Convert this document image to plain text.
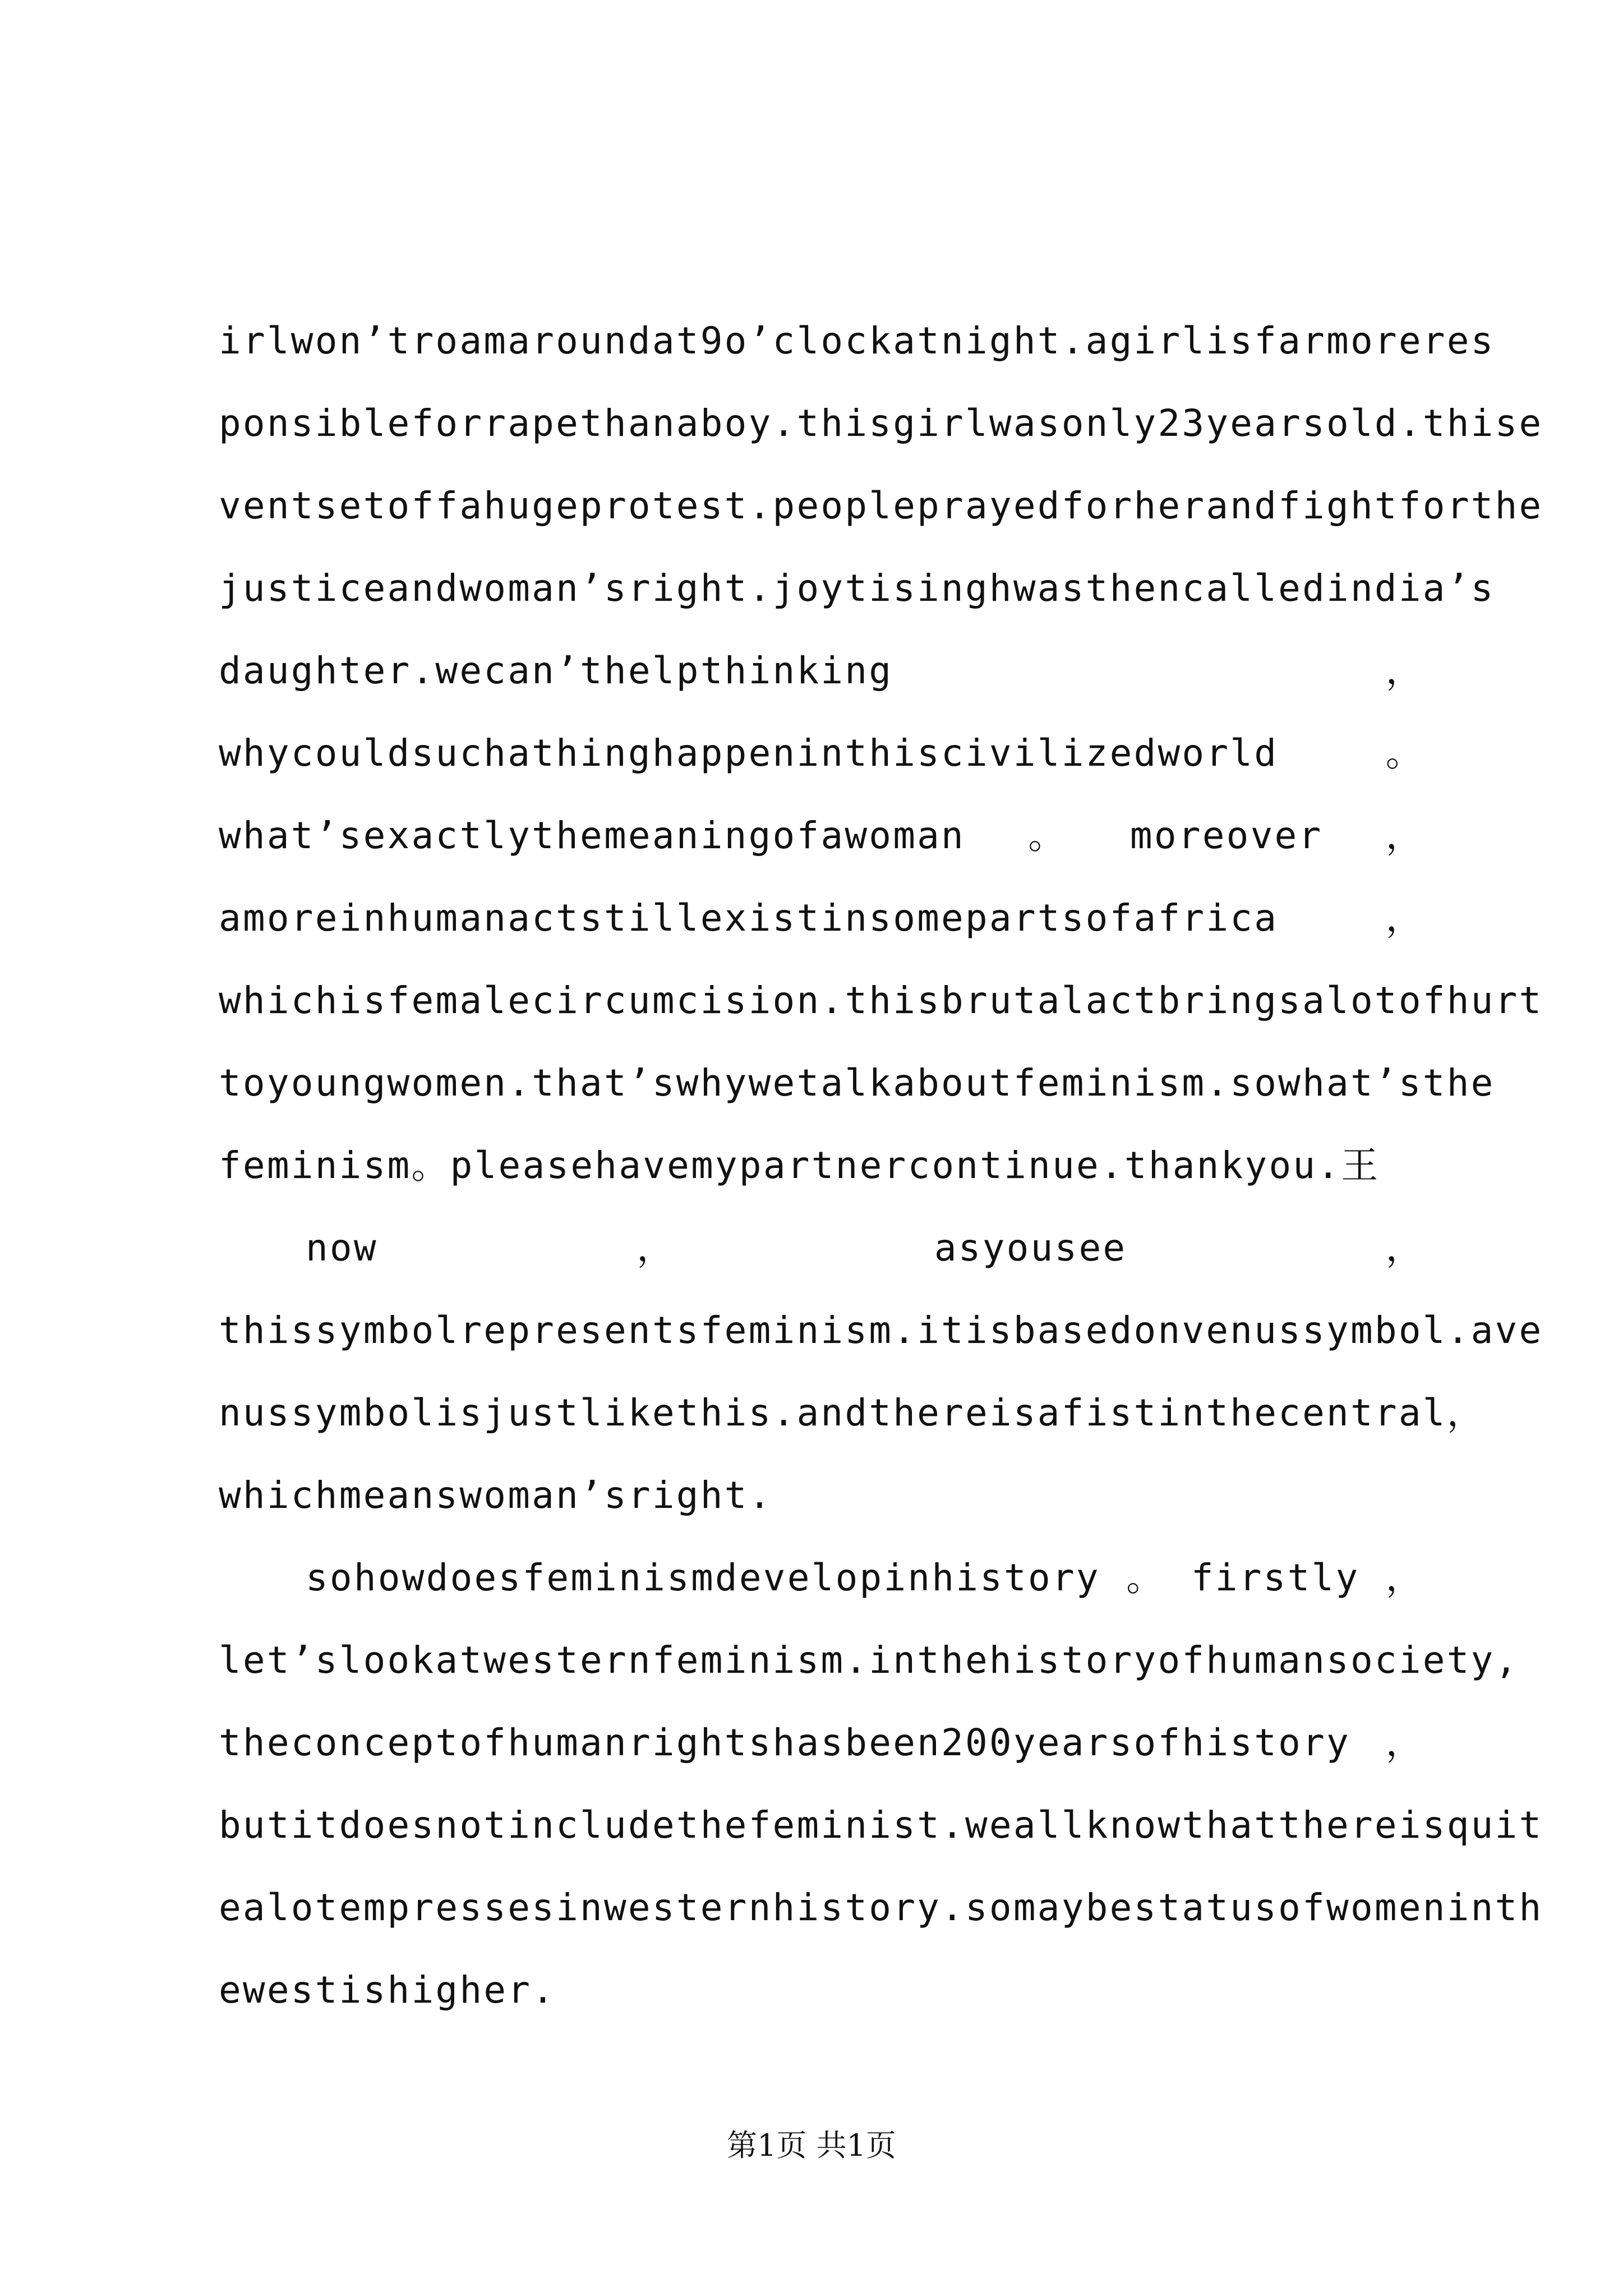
irlwon’troamaroundat9o’clockatnight.agirlisfarmoreres
ponsibleforrapethanaboy.thisgirlwasonly23yearsold.thise
ventsetoffahugeprotest.peopleprayedforherandfightforthe
justiceandwoman’sright.joytisinghwasthencalledindia’s
daughter.wecan’thelpthinking	，
whycouldsuchathinghappeninthiscivilizedworld	。
what’sexactlythemeaningofawoman 。 moreover ，
amoreinhumanactstillexistinsomepartsofafrica	，
whichisfemalecircumcision.thisbrutalactbringsalotofhurt
toyoungwomen.that’swhywetalkaboutfeminism.sowhat’sthe
feminism。pleasehavemypartnercontinue.thankyou.王
now	，	asyousee	，
thissymbolrepresentsfeminism.itisbasedonvenussymbol.ave
nussymbolisjustlikethis.andthereisafistinthecentral ，
whichmeanswoman’sright.
sohowdoesfeminismdevelopinhistory 。 firstly ，
let’slookatwesternfeminism.inthehistoryofhumansociety,
theconceptofhumanrightshasbeen200yearsofhistory ，
butitdoesnotincludethefeminist.weallknowthatthereisquit
ealotempressesinwesternhistory.somaybestatusofwomeninth
ewestishigher.
第1页 共1页
